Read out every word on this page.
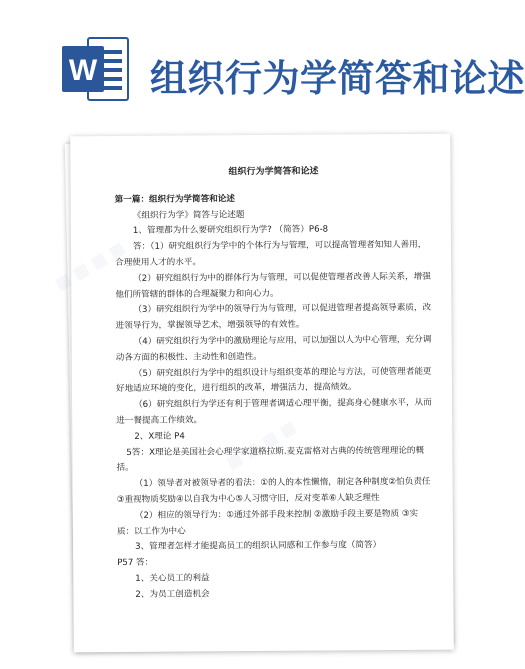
W 组织行为学简答和论述
▦ ▦ ▦ ▦
▦ ▦ ▦ ▦
组织行为学简答和论述

第一篇：组织行为学简答和论述

《组织行为学》简答与论述题

1、管理都为什么要研究组织行为学? （简答）P6-8

答：（1）研究组织行为学中的个体行为与管理，可以提高管理者知知人善用，合理使用人才的水平。

（2）研究组织行为中的群体行为与管理，可以促使管理者改善人际关系，增强他们所管辖的群体的合理凝聚力和向心力。

（3）研究组织行为学中的领导行为与管理，可以促进管理者提高领导素质，改进领导行为，掌握领导艺术，增强领导的有效性。

（4）研究组织行为学中的激励理论与应用，可以加强以人为中心管理，充分调动各方面的积极性、主动性和创造性。

（5）研究组织行为学中的组织设计与组织变革的理论与方法，可使管理者能更好地适应环境的变化，进行组织的改革，增强活力，提高绩效。

（6）研究组织行为学还有利于管理者调适心理平衡，提高身心健康水平，从而进一餐提高工作绩效。

2、X理论 P4

5答：X理论是美国社会心理学家道格拉斯.麦克雷格对古典的传统管理理论的概括。

（1）领导者对被领导者的看法：①的人的本性懒惰，制定各种制度②怕负责任 ③重视物质奖励④以自我为中心⑤人习惯守旧，反对变革⑥人缺乏理性

（2）相应的领导行为：①通过外部手段来控制 ②激励手段主要是物质 ③实质：以工作为中心

3、管理者怎样才能提高员工的组织认同感和工作参与度（简答）

P57 答：

1、关心员工的利益

2、为员工创造机会
